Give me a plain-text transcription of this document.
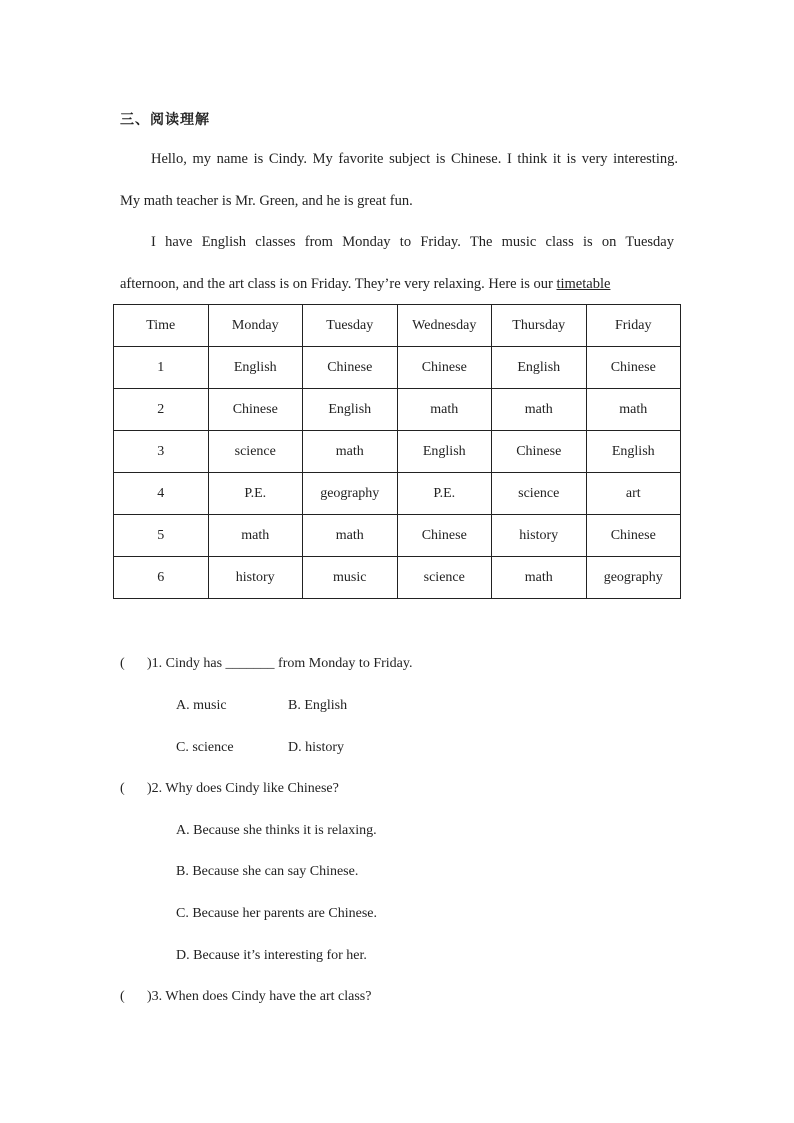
三、阅读理解
Hello, my name is Cindy. My favorite subject is Chinese. I think it is very interesting.
My math teacher is Mr. Green, and he is great fun.
I have English classes from Monday to Friday. The music class is on Tuesday
afternoon, and the art class is on Friday. They’re very relaxing. Here is our timetable
Time	Monday	Tuesday	Wednesday	Thursday	Friday
1	English	Chinese	Chinese	English	Chinese
2	Chinese	English	math	math	math
3	science	math	English	Chinese	English
4	P.E.	geography	P.E.	science	art
5	math	math	Chinese	history	Chinese
6	history	music	science	math	geography
( )1. Cindy has _______ from Monday to Friday.
A. music	B. English
C. science	D. history
( )2. Why does Cindy like Chinese?
A. Because she thinks it is relaxing.
B. Because she can say Chinese.
C. Because her parents are Chinese.
D. Because it’s interesting for her.
( )3. When does Cindy have the art class?
